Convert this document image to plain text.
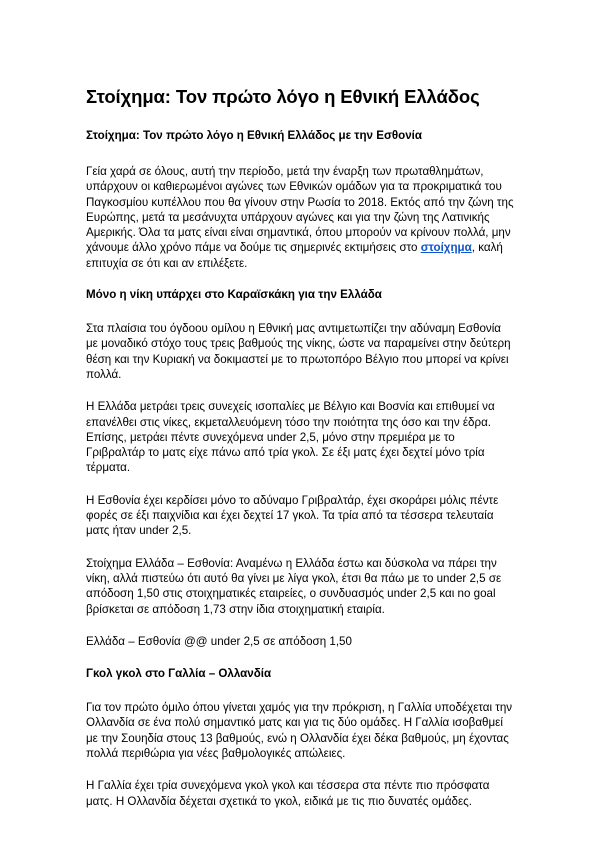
Στοίχημα: Τον πρώτο λόγο η Εθνική Ελλάδος
Στοίχημα: Τον πρώτο λόγο η Εθνική Ελλάδος με την Εσθονία

Γεία χαρά σε όλους, αυτή την περίοδο, μετά την έναρξη των πρωταθλημάτων, υπάρχουν οι καθιερωμένοι αγώνες των Εθνικών ομάδων για τα προκριματικά του Παγκοσμίου κυπέλλου που θα γίνουν στην Ρωσία το 2018. Εκτός από την ζώνη της Ευρώπης, μετά τα μεσάνυχτα υπάρχουν αγώνες και για την ζώνη της Λατινικής Αμερικής. Όλα τα ματς είναι είναι σημαντικά, όπου μπορούν να κρίνουν πολλά, μην χάνουμε άλλο χρόνο πάμε να δούμε τις σημερινές εκτιμήσεις στο στοίχημα, καλή επιτυχία σε ότι και αν επιλέξετε.

Μόνο η νίκη υπάρχει στο Καραϊσκάκη για την Ελλάδα

Στα πλαίσια του όγδοου ομίλου η Εθνική μας αντιμετωπίζει την αδύναμη Εσθονία με μοναδικό στόχο τους τρεις βαθμούς της νίκης, ώστε να παραμείνει στην δεύτερη θέση και την Κυριακή να δοκιμαστεί με το πρωτοπόρο Βέλγιο που μπορεί να κρίνει πολλά.

Η Ελλάδα μετράει τρεις συνεχείς ισοπαλίες με Βέλγιο και Βοσνία και επιθυμεί να επανέλθει στις νίκες, εκμεταλλευόμενη τόσο την ποιότητα της όσο και την έδρα. Επίσης, μετράει πέντε συνεχόμενα under 2,5, μόνο στην πρεμιέρα με το Γριβραλτάρ το ματς είχε πάνω από τρία γκολ. Σε έξι ματς έχει δεχτεί μόνο τρία τέρματα.

Η Εσθονία έχει κερδίσει μόνο το αδύναμο Γριβραλτάρ, έχει σκοράρει μόλις πέντε φορές σε έξι παιχνίδια και έχει δεχτεί 17 γκολ. Τα τρία από τα τέσσερα τελευταία ματς ήταν under 2,5.

Στοίχημα Ελλάδα – Εσθονία: Αναμένω η Ελλάδα έστω και δύσκολα να πάρει την νίκη, αλλά πιστεύω ότι αυτό θα γίνει με λίγα γκολ, έτσι θα πάω με το under 2,5 σε απόδοση 1,50 στις στοιχηματικές εταιρείες, ο συνδυασμός under 2,5 και no goal βρίσκεται σε απόδοση 1,73 στην ίδια στοιχηματική εταιρία.

Ελλάδα – Εσθονία @@ under 2,5 σε απόδοση 1,50

Γκολ γκολ στο Γαλλία – Ολλανδία

Για τον πρώτο όμιλο όπου γίνεται χαμός για την πρόκριση, η Γαλλία υποδέχεται την Ολλανδία σε ένα πολύ σημαντικό ματς και για τις δύο ομάδες. Η Γαλλία ισοβαθμεί με την Σουηδία στους 13 βαθμούς, ενώ η Ολλανδία έχει δέκα βαθμούς, μη έχοντας πολλά περιθώρια για νέες βαθμολογικές απώλειες.

Η Γαλλία έχει τρία συνεχόμενα γκολ γκολ και τέσσερα στα πέντε πιο πρόσφατα ματς. Η Ολλανδία δέχεται σχετικά το γκολ, ειδικά με τις πιο δυνατές ομάδες.
